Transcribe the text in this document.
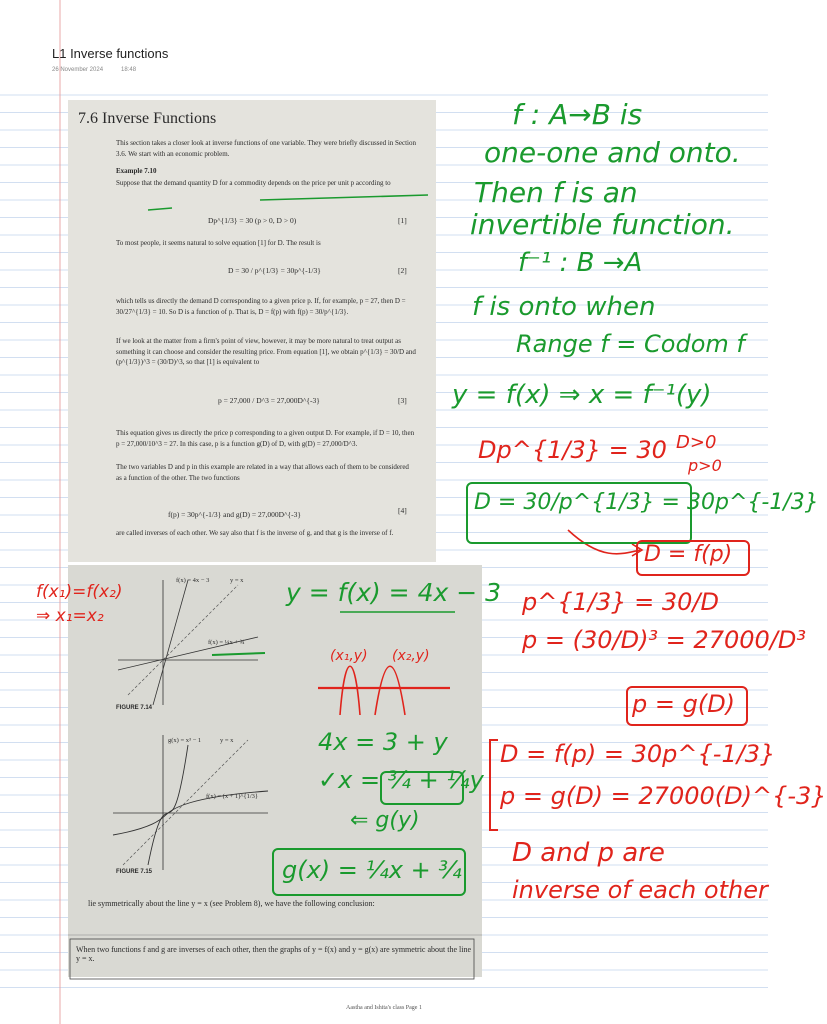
L1 Inverse functions
26 November 2024	18:48
7.6 Inverse Functions
This section takes a closer look at inverse functions of one variable. They were briefly discussed in Section 3.6. We start with an economic problem.
Example 7.10
Suppose that the demand quantity D for a commodity depends on the price per unit p according to
Dp^{1/3} = 30 (p > 0, D > 0)	[1]
To most people, it seems natural to solve equation [1] for D. The result is
D = 30 / p^{1/3} = 30p^{-1/3}	[2]
which tells us directly the demand D corresponding to a given price p. If, for example, p = 27, then D = 30/27^{1/3} = 10. So D is a function of p. That is, D = f(p) with f(p) = 30/p^{1/3}.
If we look at the matter from a firm's point of view, however, it may be more natural to treat output as something it can choose and consider the resulting price. From equation [1], we obtain p^{1/3} = 30/D and (p^{1/3})^3 = (30/D)^3, so that [1] is equivalent to
p = 27,000 / D^3 = 27,000D^{-3}	[3]
This equation gives us directly the price p corresponding to a given output D. For example, if D = 10, then p = 27,000/10^3 = 27. In this case, p is a function g(D) of D, with g(D) = 27,000/D^3.
The two variables D and p in this example are related in a way that allows each of them to be considered as a function of the other. The two functions
f(p) = 30p^{-1/3} and g(D) = 27,000D^{-3}	[4]
are called inverses of each other. We say also that f is the inverse of g, and that g is the inverse of f.
f(x) = 4x − 3	y = x
f(x) = ¼x + ¾
FIGURE 7.14
g(x) = x³ − 1	y = x
f(x) = (x + 1)^{1/3}
FIGURE 7.15
lie symmetrically about the line y = x (see Problem 8), we have the following conclusion:
When two functions f and g are inverses of each other, then the graphs of y = f(x) and y = g(x) are symmetric about the line y = x.
f : A→B is
one-one and onto.
Then f is an
invertible function.
f⁻¹ : B →A
f is onto when
Range f = Codom f
y = f(x) ⇒ x = f⁻¹(y)
y = f(x) = 4x − 3
4x = 3 + y
✓x = ¾ + ¼y
⇐ g(y)
g(x) = ¼x + ¾
D = 30/p^{1/3} = 30p^{-1/3}
Dp^{1/3} = 30 D>0
p>0
D = f(p)
f(x₁)=f(x₂)
⇒ x₁=x₂
(x₁,y) (x₂,y)
p^{1/3} = 30/D
p = (30/D)³ = 27000/D³
p = g(D)
D = f(p) = 30p^{-1/3}
p = g(D) = 27000(D)^{-3}
D and p are
inverse of each other
Aastha and Ishita's class Page 1
